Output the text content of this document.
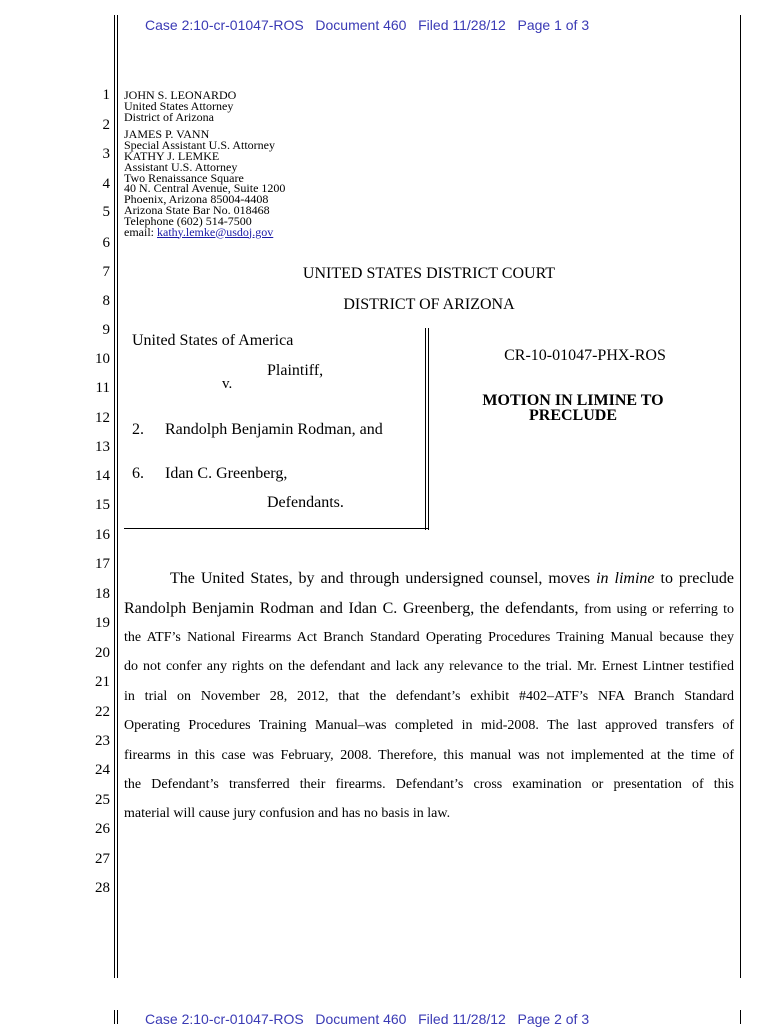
Case 2:10-cr-01047-ROS   Document 460   Filed 11/28/12   Page 1 of 3
1
2
3
4
5
6
7
8
9
10
11
12
13
14
15
16
17
18
19
20
21
22
23
24
25
26
27
28
JOHN S. LEONARDO
United States Attorney
District of Arizona
JAMES P. VANN
Special Assistant U.S. Attorney
KATHY J. LEMKE
Assistant U.S. Attorney
Two Renaissance Square
40 N. Central Avenue, Suite 1200
Phoenix, Arizona 85004-4408
Arizona State Bar No. 018468
Telephone (602) 514-7500
email: kathy.lemke@usdoj.gov
UNITED STATES DISTRICT COURT
DISTRICT OF ARIZONA
United States of America
Plaintiff,
v.
2. Randolph Benjamin Rodman, and
6. Idan C. Greenberg,
Defendants.
CR-10-01047-PHX-ROS
MOTION IN LIMINE TO
PRECLUDE
The United States, by and through undersigned counsel, moves in limine to preclude
Randolph Benjamin Rodman and Idan C. Greenberg, the defendants, from using or referring to
the ATF’s National Firearms Act Branch Standard Operating Procedures Training Manual because they
do not confer any rights on the defendant and lack any relevance to the trial. Mr. Ernest Lintner testified
in trial on November 28, 2012, that the defendant’s exhibit #402–ATF’s NFA Branch Standard
Operating Procedures Training Manual–was completed in mid-2008. The last approved transfers of
firearms in this case was February, 2008. Therefore, this manual was not implemented at the time of
the Defendant’s transferred their firearms. Defendant’s cross examination or presentation of this
material will cause jury confusion and has no basis in law.
Case 2:10-cr-01047-ROS   Document 460   Filed 11/28/12   Page 2 of 3
